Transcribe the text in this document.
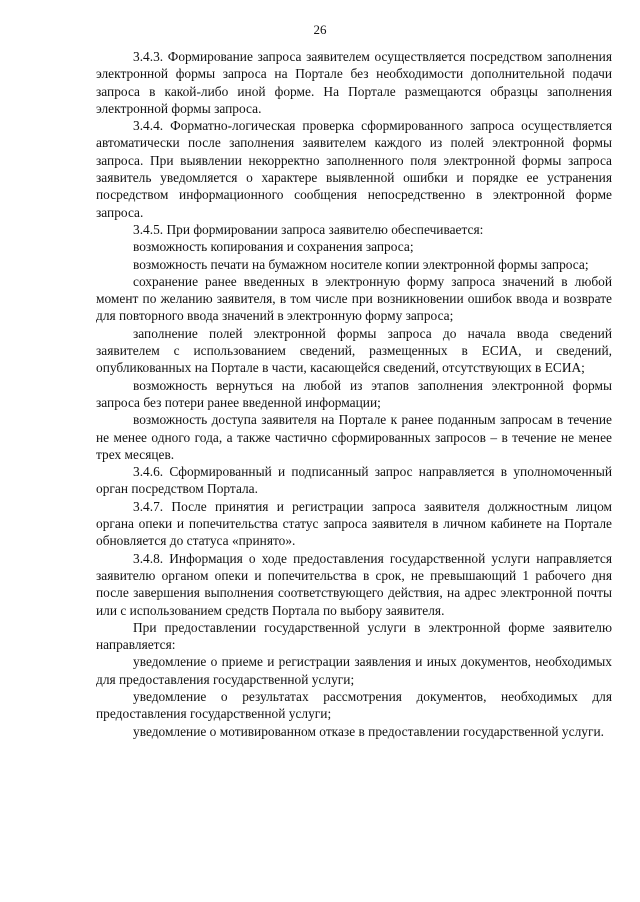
26

3.4.3. Формирование запроса заявителем осуществляется посредством заполнения электронной формы запроса на Портале без необходимости дополнительной подачи запроса в какой-либо иной форме. На Портале размещаются образцы заполнения электронной формы запроса.

3.4.4. Форматно-логическая проверка сформированного запроса осуществляется автоматически после заполнения заявителем каждого из полей электронной формы запроса. При выявлении некорректно заполненного поля электронной формы запроса заявитель уведомляется о характере выявленной ошибки и порядке ее устранения посредством информационного сообщения непосредственно в электронной форме запроса.

3.4.5. При формировании запроса заявителю обеспечивается:

возможность копирования и сохранения запроса;

возможность печати на бумажном носителе копии электронной формы запроса;

сохранение ранее введенных в электронную форму запроса значений в любой момент по желанию заявителя, в том числе при возникновении ошибок ввода и возврате для повторного ввода значений в электронную форму запроса;

заполнение полей электронной формы запроса до начала ввода сведений заявителем с использованием сведений, размещенных в ЕСИА, и сведений, опубликованных на Портале в части, касающейся сведений, отсутствующих в ЕСИА;

возможность вернуться на любой из этапов заполнения электронной формы запроса без потери ранее введенной информации;

возможность доступа заявителя на Портале к ранее поданным запросам в течение не менее одного года, а также частично сформированных запросов – в течение не менее трех месяцев.

3.4.6. Сформированный и подписанный запрос направляется в уполномоченный орган посредством Портала.

3.4.7. После принятия и регистрации запроса заявителя должностным лицом органа опеки и попечительства статус запроса заявителя в личном кабинете на Портале обновляется до статуса «принято».

3.4.8. Информация о ходе предоставления государственной услуги направляется заявителю органом опеки и попечительства в срок, не превышающий 1 рабочего дня после завершения выполнения соответствующего действия, на адрес электронной почты или с использованием средств Портала по выбору заявителя.

При предоставлении государственной услуги в электронной форме заявителю направляется:

уведомление о приеме и регистрации заявления и иных документов, необходимых для предоставления государственной услуги;

уведомление о результатах рассмотрения документов, необходимых для предоставления государственной услуги;

уведомление о мотивированном отказе в предоставлении государственной услуги.
